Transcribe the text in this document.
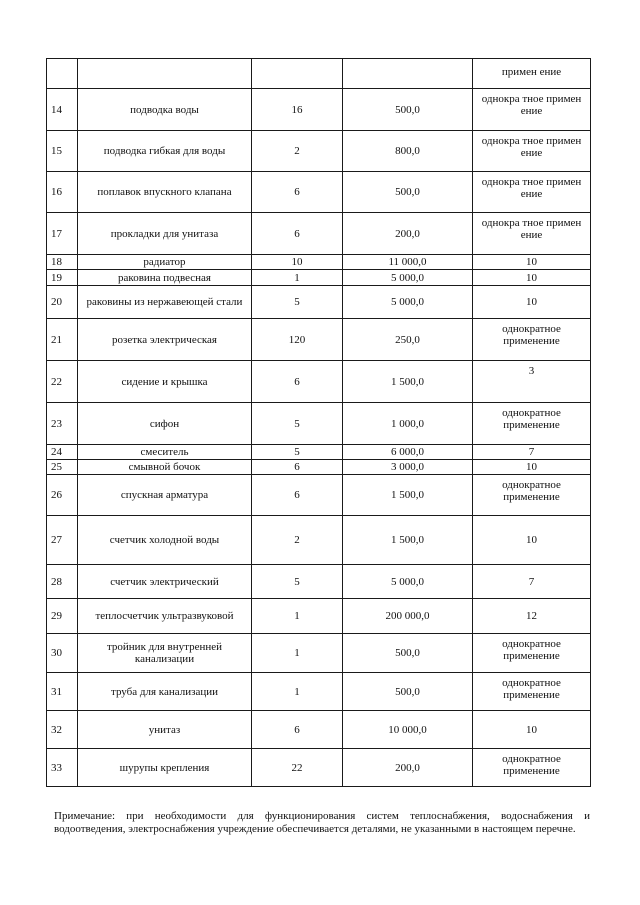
				примен ение
14	подводка воды	16	500,0	однокра тное примен ение
15	подводка гибкая для воды	2	800,0	однокра тное примен ение
16	поплавок впускного клапана	6	500,0	однокра тное примен ение
17	прокладки для унитаза	6	200,0	однокра тное примен ение
18	радиатор	10	11 000,0	10
19	раковина подвесная	1	5 000,0	10
20	раковины из нержавеющей стали	5	5 000,0	10
21	розетка электрическая	120	250,0	однократное применение
22	сидение и крышка	6	1 500,0	3
23	сифон	5	1 000,0	однократное применение
24	смеситель	5	6 000,0	7
25	смывной бочок	6	3 000,0	10
26	спускная арматура	6	1 500,0	однократное применение
27	счетчик холодной воды	2	1 500,0	10
28	счетчик электрический	5	5 000,0	7
29	теплосчетчик ультразвуковой	1	200 000,0	12
30	тройник для внутренней канализации	1	500,0	однократное применение
31	труба для канализации	1	500,0	однократное применение
32	унитаз	6	10 000,0	10
33	шурупы крепления	22	200,0	однократное применение

Примечание: при необходимости для функционирования систем теплоснабжения, водоснабжения и водоотведения, электроснабжения учреждение обеспечивается деталями, не указанными в настоящем перечне.
